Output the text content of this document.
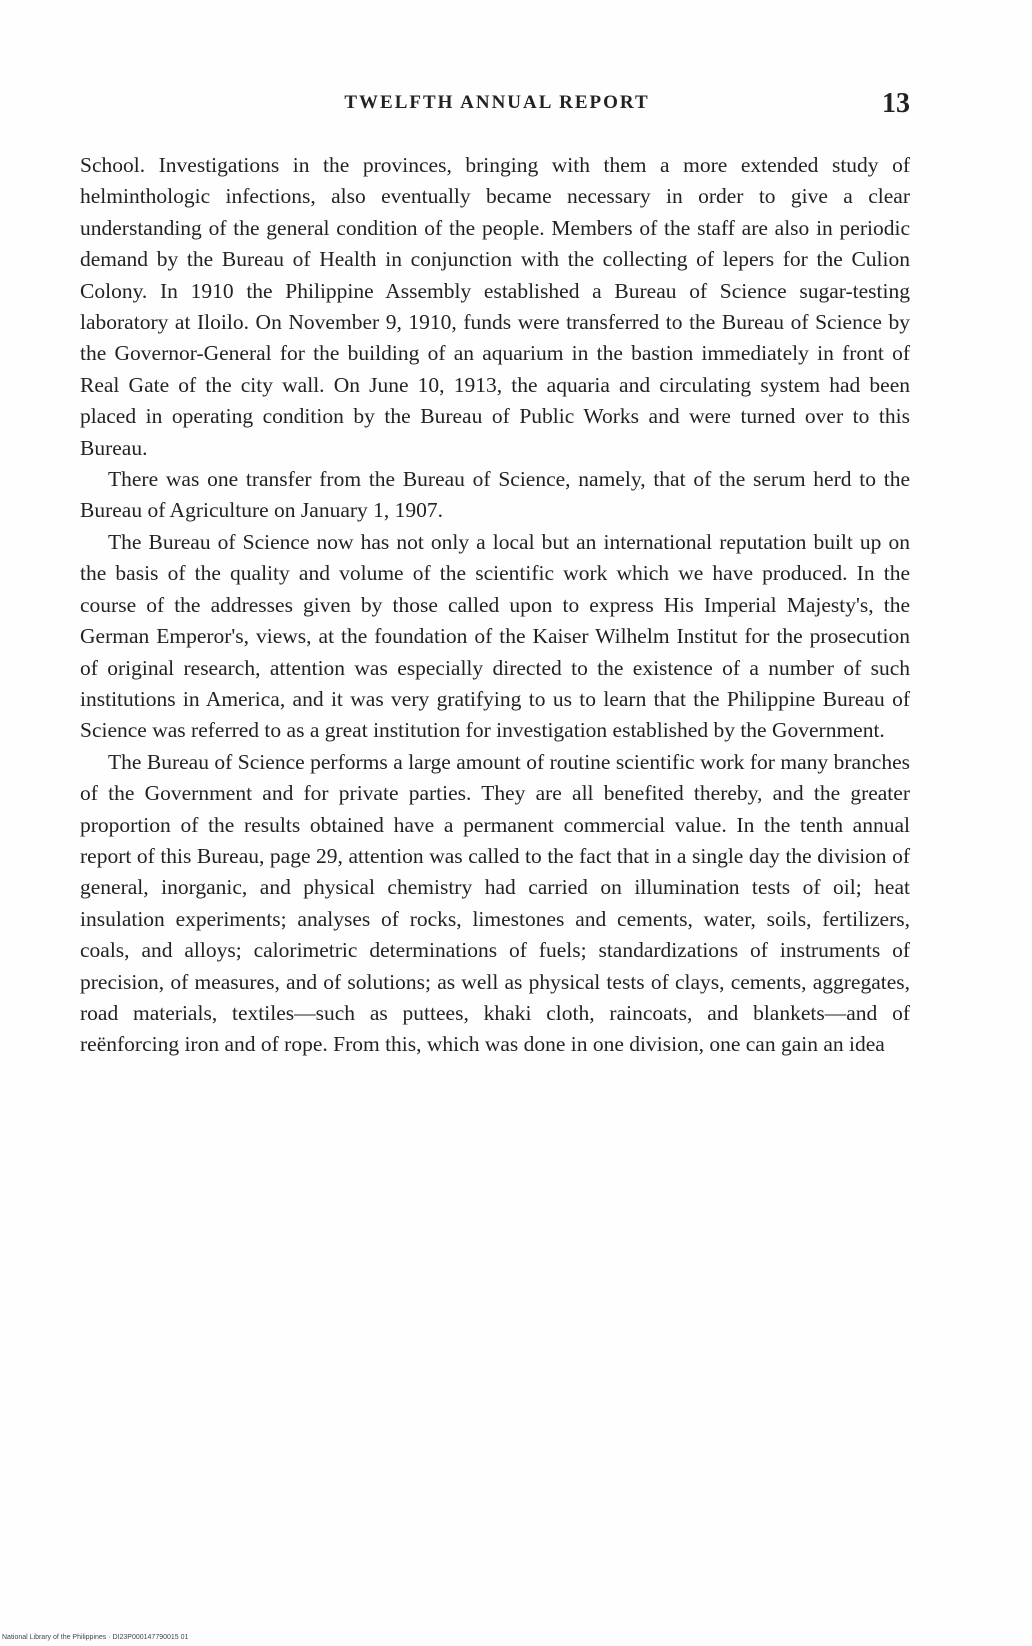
TWELFTH ANNUAL REPORT	13

School. Investigations in the provinces, bringing with them a more extended study of helminthologic infections, also eventually became necessary in order to give a clear understanding of the general condition of the people. Members of the staff are also in periodic demand by the Bureau of Health in conjunction with the collecting of lepers for the Culion Colony. In 1910 the Philippine Assembly established a Bureau of Science sugar-testing laboratory at Iloilo. On November 9, 1910, funds were transferred to the Bureau of Science by the Governor-General for the building of an aquarium in the bastion immediately in front of Real Gate of the city wall. On June 10, 1913, the aquaria and circulating system had been placed in operating condition by the Bureau of Public Works and were turned over to this Bureau.

There was one transfer from the Bureau of Science, namely, that of the serum herd to the Bureau of Agriculture on January 1, 1907.

The Bureau of Science now has not only a local but an international reputation built up on the basis of the quality and volume of the scientific work which we have produced. In the course of the addresses given by those called upon to express His Imperial Majesty's, the German Emperor's, views, at the foundation of the Kaiser Wilhelm Institut for the prosecution of original research, attention was especially directed to the existence of a number of such institutions in America, and it was very gratifying to us to learn that the Philippine Bureau of Science was referred to as a great institution for investigation established by the Government.

The Bureau of Science performs a large amount of routine scientific work for many branches of the Government and for private parties. They are all benefited thereby, and the greater proportion of the results obtained have a permanent commercial value. In the tenth annual report of this Bureau, page 29, attention was called to the fact that in a single day the division of general, inorganic, and physical chemistry had carried on illumination tests of oil; heat insulation experiments; analyses of rocks, limestones and cements, water, soils, fertilizers, coals, and alloys; calorimetric determinations of fuels; standardizations of instruments of precision, of measures, and of solutions; as well as physical tests of clays, cements, aggregates, road materials, textiles—such as puttees, khaki cloth, raincoats, and blankets—and of reënforcing iron and of rope. From this, which was done in one division, one can gain an idea

National Library of the Philippines · DI23P000147790015 01
